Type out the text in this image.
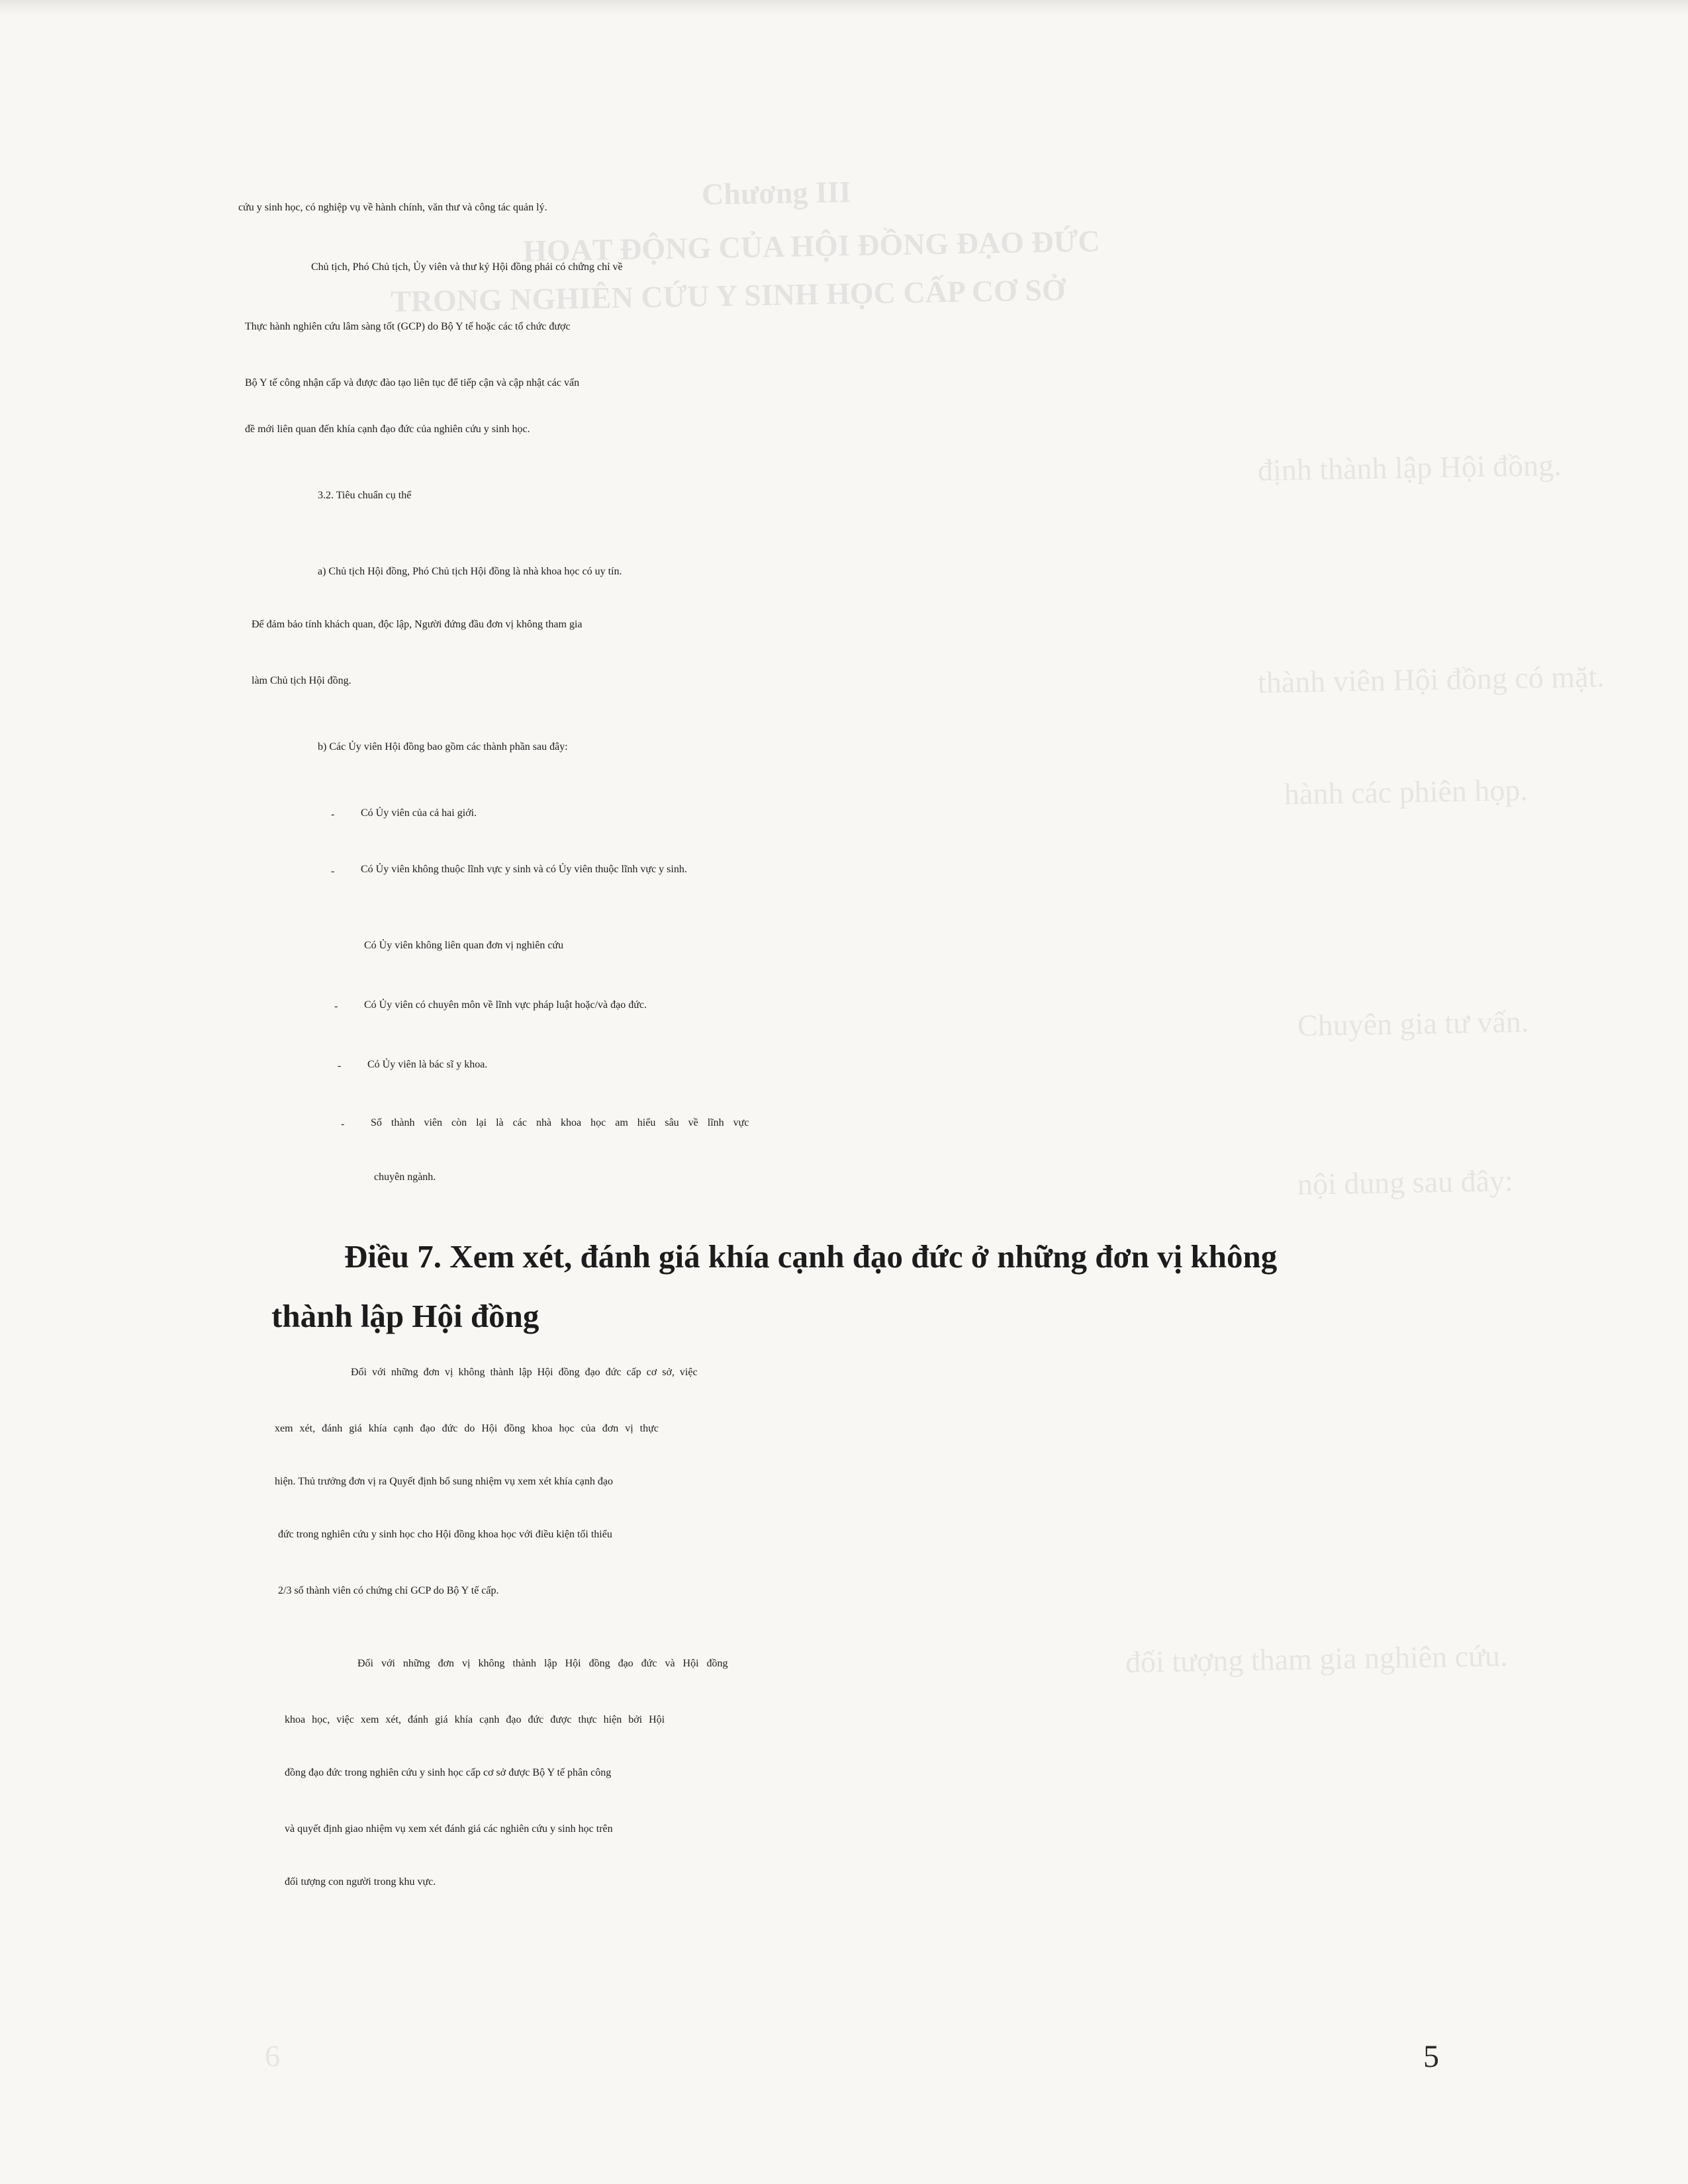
Chương III
HOẠT ĐỘNG CỦA HỘI ĐỒNG ĐẠO ĐỨC
TRONG NGHIÊN CỨU Y SINH HỌC CẤP CƠ SỞ
định thành lập Hội đồng.
thành viên Hội đồng có mặt.
hành các phiên họp.
Chuyên gia tư vấn.
nội dung sau đây:
đối tượng tham gia nghiên cứu.
6
cứu y sinh học, có nghiệp vụ về hành chính, văn thư và công tác quản lý.
Chủ tịch, Phó Chủ tịch, Ủy viên và thư ký Hội đồng phải có chứng chỉ về
Thực hành nghiên cứu lâm sàng tốt (GCP) do Bộ Y tế hoặc các tổ chức được
Bộ Y tế công nhận cấp và được đào tạo liên tục để tiếp cận và cập nhật các vấn
đề mới liên quan đến khía cạnh đạo đức của nghiên cứu y sinh học.
3.2. Tiêu chuẩn cụ thể
a) Chủ tịch Hội đồng, Phó Chủ tịch Hội đồng là nhà khoa học có uy tín.
Để đảm bảo tính khách quan, độc lập, Người đứng đầu đơn vị không tham gia
làm Chủ tịch Hội đồng.
b) Các Ủy viên Hội đồng bao gồm các thành phần sau đây:
- Có Ủy viên của cả hai giới.
- Có Ủy viên không thuộc lĩnh vực y sinh và có Ủy viên thuộc lĩnh vực y sinh.
Có Ủy viên không liên quan đơn vị nghiên cứu
- Có Ủy viên có chuyên môn về lĩnh vực pháp luật hoặc/và đạo đức.
- Có Ủy viên là bác sĩ y khoa.
- Số thành viên còn lại là các nhà khoa học am hiểu sâu về lĩnh vực
chuyên ngành.
Điều 7. Xem xét, đánh giá khía cạnh đạo đức ở những đơn vị không
thành lập Hội đồng
Đối với những đơn vị không thành lập Hội đồng đạo đức cấp cơ sở, việc
xem xét, đánh giá khía cạnh đạo đức do Hội đồng khoa học của đơn vị thực
hiện. Thủ trưởng đơn vị ra Quyết định bổ sung nhiệm vụ xem xét khía cạnh đạo
đức trong nghiên cứu y sinh học cho Hội đồng khoa học với điều kiện tối thiểu
2/3 số thành viên có chứng chỉ GCP do Bộ Y tế cấp.
Đối với những đơn vị không thành lập Hội đồng đạo đức và Hội đồng
khoa học, việc xem xét, đánh giá khía cạnh đạo đức được thực hiện bởi Hội
đồng đạo đức trong nghiên cứu y sinh học cấp cơ sở được Bộ Y tế phân công
và quyết định giao nhiệm vụ xem xét đánh giá các nghiên cứu y sinh học trên
đối tượng con người trong khu vực.
5
